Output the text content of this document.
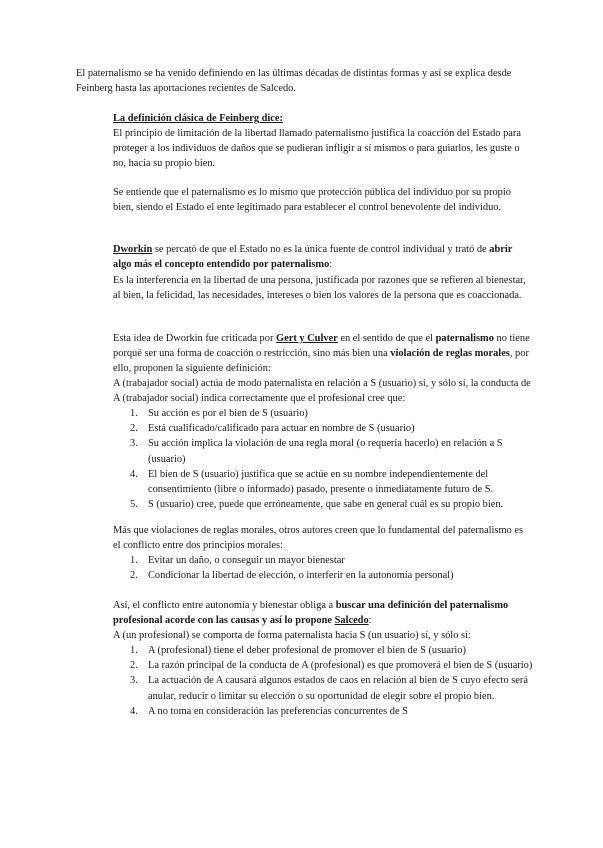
El paternalismo se ha venido definiendo en las últimas décadas de distintas formas y así se explica desde Feinberg hasta las aportaciones recientes de Salcedo.

La definición clásica de Feinberg dice:

El principio de limitación de la libertad llamado paternalismo justifica la coacción del Estado para proteger a los individuos de daños que se pudieran infligir a sí mismos o para guiarlos, les guste o no, hacia su propio bien.

Se entiende que el paternalismo es lo mismo que protección pública del individuo por su propio bien, siendo el Estado el ente legitimado para establecer el control benevolente del individuo.

Dworkin se percató de que el Estado no es la única fuente de control individual y trató de abrir algo más el concepto entendido por paternalismo:

Es la interferencia en la libertad de una persona, justificada por razones que se refieren al bienestar, al bien, la felicidad, las necesidades, intereses o bien los valores de la persona que es coaccionada.

Esta idea de Dworkin fue criticada por Gert y Culver en el sentido de que el paternalismo no tiene porqué ser una forma de coacción o restricción, sino más bien una violación de reglas morales, por ello, proponen la siguiente definición:

A (trabajador social) actúa de modo paternalista en relación a S (usuario) sí, y sólo sí, la conducta de A (trabajador social) indica correctamente que el profesional cree que:

1. Su acción es por el bien de S (usuario)
2. Está cualificado/calificado para actuar en nombre de S (usuario)
3. Su acción implica la violación de una regla moral (o requería hacerlo) en relación a S (usuario)
4. El bien de S (usuario) justifica que se actúe en su nombre independientemente del consentimiento (libre o informado) pasado, presente o inmediatamente futuro de S.
5. S (usuario) cree, puede que erróneamente, que sabe en general cuál es su propio bien.

Más que violaciones de reglas morales, otros autores creen que lo fundamental del paternalismo es el conflicto entre dos principios morales:

1. Evitar un daño, o conseguir un mayor bienestar
2. Condicionar la libertad de elección, o interferir en la autonomía personal)

Así, el conflicto entre autonomía y bienestar obliga a buscar una definición del paternalismo profesional acorde con las causas y así lo propone Salcedo:

A (un profesional) se comporta de forma paternalista hacia S (un usuario) sí, y sólo sí:

1. A (profesional) tiene el deber profesional de promover el bien de S (usuario)
2. La razón principal de la conducta de A (profesional) es que promoverá el bien de S (usuario)
3. La actuación de A causará algunos estados de caos en relación al bien de S cuyo efecto será anular, reducir o limitar su elección o su oportunidad de elegir sobre el propio bien.
4. A no toma en consideración las preferencias concurrentes de S
